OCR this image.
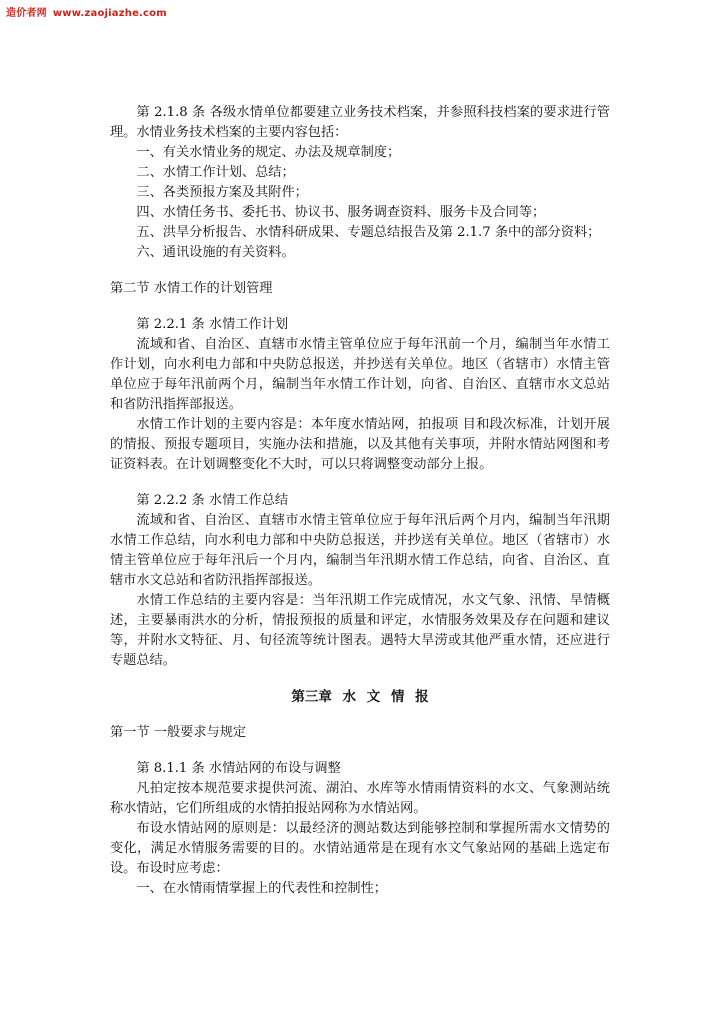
造价者网 www.zaojiazhe.com

第 2.1.8 条 各级水情单位都要建立业务技术档案，并参照科技档案的要求进行管理。水情业务技术档案的主要内容包括：

一、有关水情业务的规定、办法及规章制度；

二、水情工作计划、总结；

三、各类预报方案及其附件；

四、水情任务书、委托书、协议书、服务调查资料、服务卡及合同等；

五、洪旱分析报告、水情科研成果、专题总结报告及第 2.1.7 条中的部分资料；

六、通讯设施的有关资料。

第二节 水情工作的计划管理

第 2.2.1 条 水情工作计划

流域和省、自治区、直辖市水情主管单位应于每年汛前一个月，编制当年水情工作计划，向水利电力部和中央防总报送，并抄送有关单位。地区（省辖市）水情主管单位应于每年汛前两个月，编制当年水情工作计划，向省、自治区、直辖市水文总站和省防汛指挥部报送。

水情工作计划的主要内容是：本年度水情站网，拍报项 目和段次标准，计划开展的情报、预报专题项目，实施办法和措施，以及其他有关事项，并附水情站网图和考证资料表。在计划调整变化不大时，可以只将调整变动部分上报。

第 2.2.2 条 水情工作总结

流域和省、自治区、直辖市水情主管单位应于每年汛后两个月内，编制当年汛期水情工作总结，向水利电力部和中央防总报送，并抄送有关单位。地区（省辖市）水情主管单位应于每年汛后一个月内，编制当年汛期水情工作总结，向省、自治区、直辖市水文总站和省防汛指挥部报送。

水情工作总结的主要内容是：当年汛期工作完成情况，水文气象、汛情、旱情概述，主要暴雨洪水的分析，情报预报的质量和评定，水情服务效果及存在问题和建议等，并附水文特征、月、旬径流等统计图表。遇特大旱涝或其他严重水情，还应进行专题总结。

第三章 水 文 情 报

第一节 一般要求与规定

第 8.1.1 条 水情站网的布设与调整

凡拍定按本规范要求提供河流、湖泊、水库等水情雨情资料的水文、气象测站统称水情站，它们所组成的水情拍报站网称为水情站网。

布设水情站网的原则是：以最经济的测站数达到能够控制和掌握所需水文情势的变化，满足水情服务需要的目的。水情站通常是在现有水文气象站网的基础上选定布设。布设时应考虑：

一、在水情雨情掌握上的代表性和控制性；
